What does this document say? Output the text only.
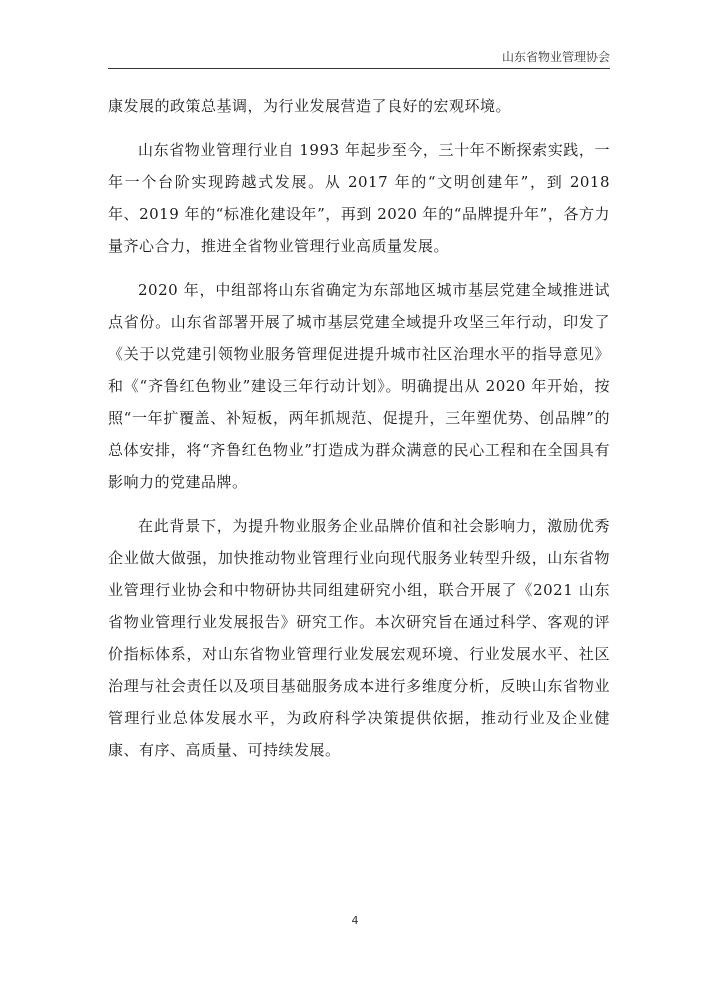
山东省物业管理协会

康发展的政策总基调，为行业发展营造了良好的宏观环境。

山东省物业管理行业自 1993 年起步至今，三十年不断探索实践，一年一个台阶实现跨越式发展。从 2017 年的“文明创建年”，到 2018 年、2019 年的“标准化建设年”，再到 2020 年的“品牌提升年”，各方力量齐心合力，推进全省物业管理行业高质量发展。

2020 年，中组部将山东省确定为东部地区城市基层党建全域推进试点省份。山东省部署开展了城市基层党建全域提升攻坚三年行动，印发了《关于以党建引领物业服务管理促进提升城市社区治理水平的指导意见》和《“齐鲁红色物业”建设三年行动计划》。明确提出从 2020 年开始，按照“一年扩覆盖、补短板，两年抓规范、促提升，三年塑优势、创品牌”的总体安排，将“齐鲁红色物业”打造成为群众满意的民心工程和在全国具有影响力的党建品牌。

在此背景下，为提升物业服务企业品牌价值和社会影响力，激励优秀企业做大做强，加快推动物业管理行业向现代服务业转型升级，山东省物业管理行业协会和中物研协共同组建研究小组，联合开展了《2021 山东省物业管理行业发展报告》研究工作。本次研究旨在通过科学、客观的评价指标体系，对山东省物业管理行业发展宏观环境、行业发展水平、社区治理与社会责任以及项目基础服务成本进行多维度分析，反映山东省物业管理行业总体发展水平，为政府科学决策提供依据，推动行业及企业健康、有序、高质量、可持续发展。

4
